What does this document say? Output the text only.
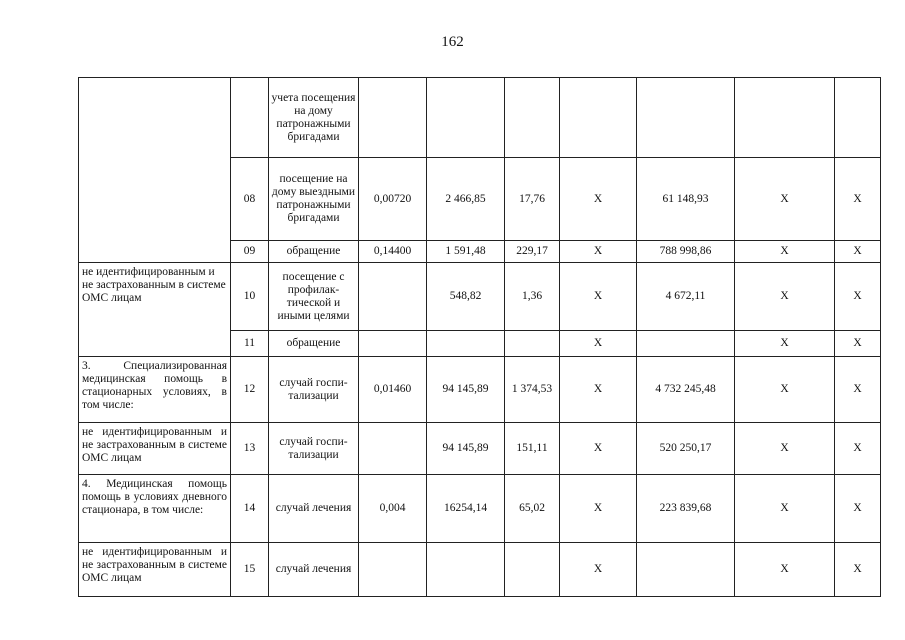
162
		учета посещения на дому патронажными бригадами							
	08	посещение на дому выездными патронажными бригадами	0,00720	2 466,85	17,76	X	61 148,93	X	X
	09	обращение	0,14400	1 591,48	229,17	X	788 998,86	X	X
не идентифицированным и не застрахованным в системе ОМС лицам	10	посещение с профилак-тической и иными целями		548,82	1,36	X	4 672,11	X	X
	11	обращение				X		X	X
3. Специализированная медицинская помощь в стационарных условиях, в том числе:	12	случай госпи-тализации	0,01460	94 145,89	1 374,53	X	4 732 245,48	X	X
не идентифицированным и не застрахованным в системе ОМС лицам	13	случай госпи-тализации		94 145,89	151,11	X	520 250,17	X	X
4. Медицинская помощь помощь в условиях дневного стационара, в том числе:	14	случай лечения	0,004	16254,14	65,02	X	223 839,68	X	X
не идентифицированным и не застрахованным в системе ОМС лицам	15	случай лечения				X		X	X
